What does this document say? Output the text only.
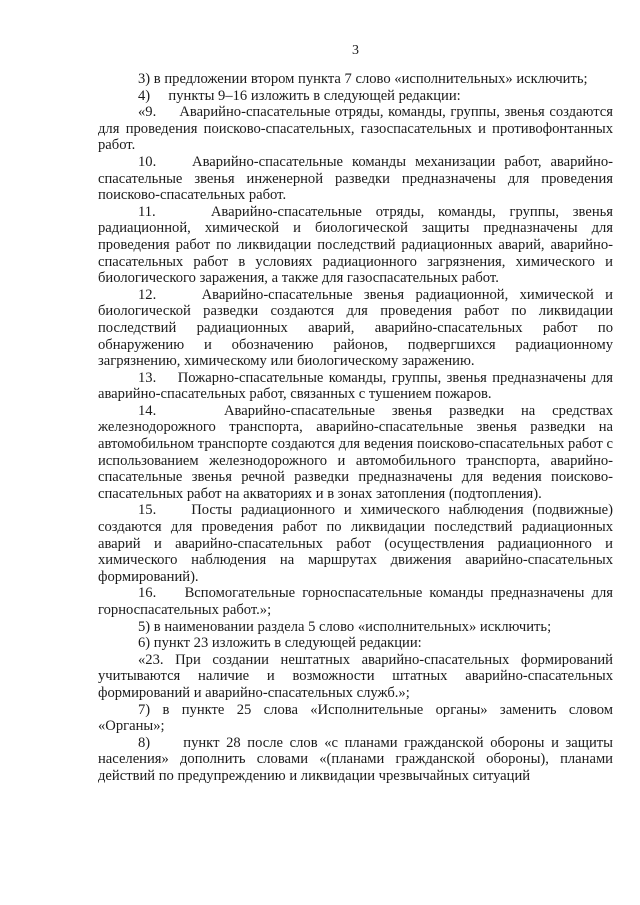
3

3) в предложении втором пункта 7 слово «исполнительных» исключить;

4)     пункты 9–16 изложить в следующей редакции:

«9.     Аварийно-спасательные отряды, команды, группы, звенья создаются для проведения поисково-спасательных, газоспасательных и противофонтанных работ.

10.    Аварийно-спасательные команды механизации работ, аварийно-спасательные звенья инженерной разведки предназначены для проведения поисково-спасательных работ.

11.    Аварийно-спасательные отряды, команды, группы, звенья радиационной, химической и биологической защиты предназначены для проведения работ по ликвидации последствий радиационных аварий, аварийно-спасательных работ в условиях радиационного загрязнения, химического и биологического заражения, а также для газоспасательных работ.

12.    Аварийно-спасательные звенья радиационной, химической и биологической разведки создаются для проведения работ по ликвидации последствий радиационных аварий, аварийно-спасательных работ по обнаружению и обозначению районов, подвергшихся радиационному загрязнению, химическому или биологическому заражению.

13.    Пожарно-спасательные команды, группы, звенья предназначены для аварийно-спасательных работ, связанных с тушением пожаров.

14.    Аварийно-спасательные звенья разведки на средствах железнодорожного транспорта, аварийно-спасательные звенья разведки на автомобильном транспорте создаются для ведения поисково-спасательных работ с использованием железнодорожного и автомобильного транспорта, аварийно-спасательные звенья речной разведки предназначены для ведения поисково-спасательных работ на акваториях и в зонах затопления (подтопления).

15.    Посты радиационного и химического наблюдения (подвижные) создаются для проведения работ по ликвидации последствий радиационных аварий и аварийно-спасательных работ (осуществления радиационного и химического наблюдения на маршрутах движения аварийно-спасательных формирований).

16.    Вспомогательные горноспасательные команды предназначены для горноспасательных работ.»;

5) в наименовании раздела 5 слово «исполнительных» исключить;

6) пункт 23 изложить в следующей редакции:

«23. При создании нештатных аварийно-спасательных формирований учитываются наличие и возможности штатных аварийно-спасательных формирований и аварийно-спасательных служб.»;

7) в пункте 25 слова «Исполнительные органы» заменить словом «Органы»;

8)     пункт 28 после слов «с планами гражданской обороны и защиты населения» дополнить словами «(планами гражданской обороны), планами действий по предупреждению и ликвидации чрезвычайных ситуаций
